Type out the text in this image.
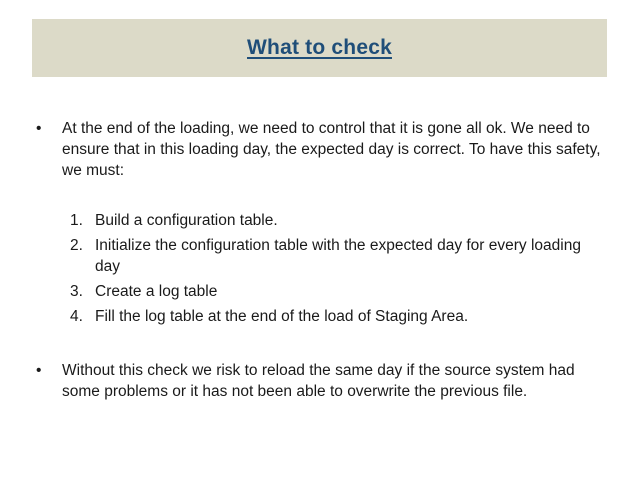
What to check
•	At the end of the loading, we need to control that it is gone all ok. We need to ensure that in this loading day, the expected day is correct. To have this safety, we must:
1. Build a configuration table.
2. Initialize the configuration table with the expected day for every loading day
3. Create a log table
4. Fill the log table at the end of the load of Staging Area.
•	Without this check we risk to reload the same day if the source system had some problems or it has not been able to overwrite the previous file.
